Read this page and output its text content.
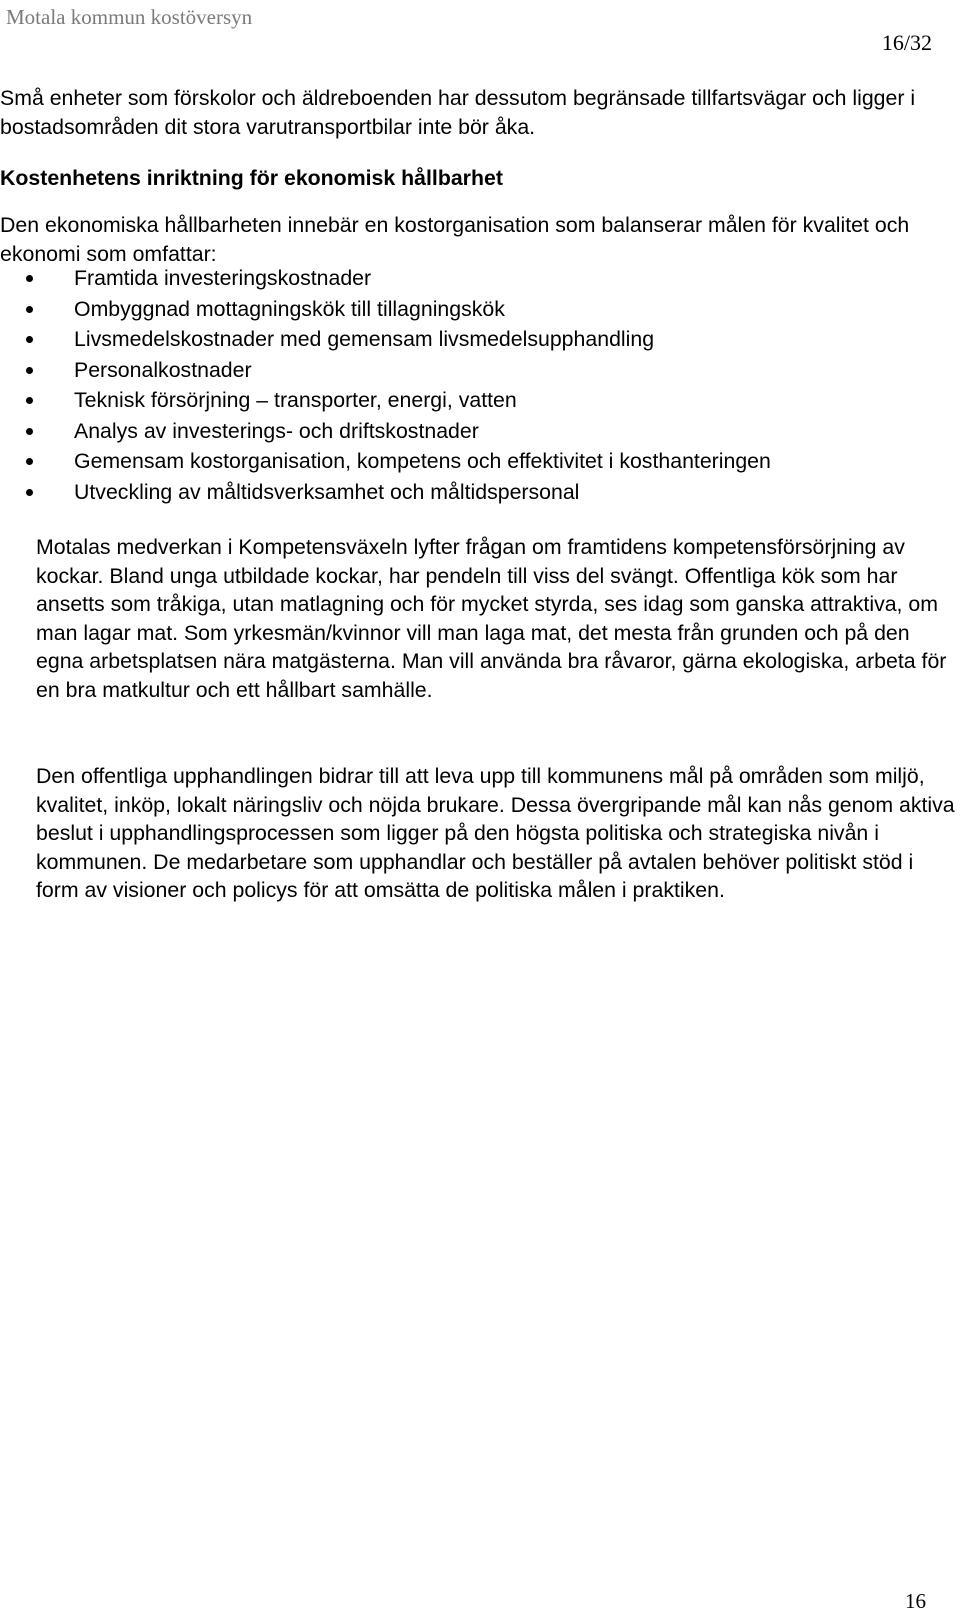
Motala kommun kostöversyn
16/32

Små enheter som förskolor och äldreboenden har dessutom begränsade tillfartsvägar och ligger i bostadsområden dit stora varutransportbilar inte bör åka.

Kostenhetens inriktning för ekonomisk hållbarhet

Den ekonomiska hållbarheten innebär en kostorganisation som balanserar målen för kvalitet och ekonomi som omfattar:

Framtida investeringskostnader
Ombyggnad mottagningskök till tillagningskök
Livsmedelskostnader med gemensam livsmedelsupphandling
Personalkostnader
Teknisk försörjning – transporter, energi, vatten
Analys av investerings- och driftskostnader
Gemensam kostorganisation, kompetens och effektivitet i kosthanteringen
Utveckling av måltidsverksamhet och måltidspersonal

Motalas medverkan i Kompetensväxeln lyfter frågan om framtidens kompetensförsörjning av kockar. Bland unga utbildade kockar, har pendeln till viss del svängt. Offentliga kök som har ansetts som tråkiga, utan matlagning och för mycket styrda, ses idag som ganska attraktiva, om man lagar mat. Som yrkesmän/kvinnor vill man laga mat, det mesta från grunden och på den egna arbetsplatsen nära matgästerna. Man vill använda bra råvaror, gärna ekologiska, arbeta för en bra matkultur och ett hållbart samhälle.

Den offentliga upphandlingen bidrar till att leva upp till kommunens mål på områden som miljö, kvalitet, inköp, lokalt näringsliv och nöjda brukare. Dessa övergripande mål kan nås genom aktiva beslut i upphandlingsprocessen som ligger på den högsta politiska och strategiska nivån i kommunen. De medarbetare som upphandlar och beställer på avtalen behöver politiskt stöd i form av visioner och policys för att omsätta de politiska målen i praktiken.

16
